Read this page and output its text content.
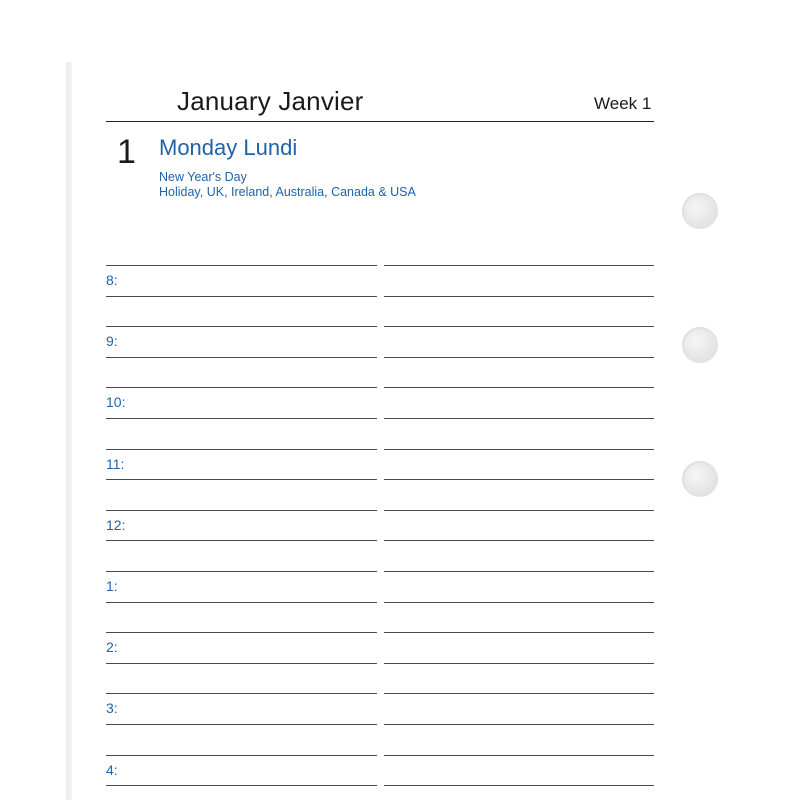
January Janvier	Week 1
1 Monday Lundi
New Year's Day
Holiday, UK, Ireland, Australia, Canada & USA
8:
9:
10:
11:
12:
1:
2:
3:
4:
